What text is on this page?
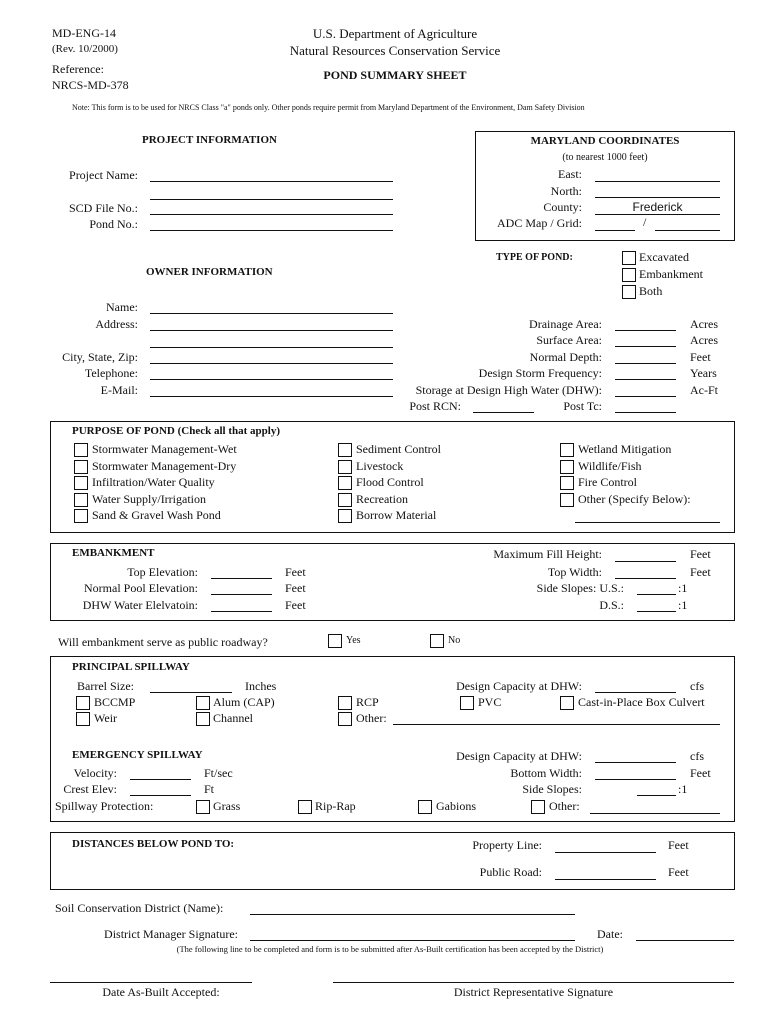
MD-ENG-14
(Rev. 10/2000)
Reference:
NRCS-MD-378
U.S. Department of Agriculture
Natural Resources Conservation Service
POND SUMMARY SHEET
Note: This form is to be used for NRCS Class "a" ponds only. Other ponds require permit from Maryland Department of the Environment, Dam Safety Division
PROJECT INFORMATION
Project Name:
SCD File No.:
Pond No.:
MARYLAND COORDINATES
(to nearest 1000 feet)
East:
North:
County:	Frederick
ADC Map / Grid:	/
TYPE OF POND:	Excavated
Embankment
Both
OWNER INFORMATION
Name:
Address:
City, State, Zip:
Telephone:
E-Mail:
Drainage Area:	Acres
Surface Area:	Acres
Normal Depth:	Feet
Design Storm Frequency:	Years
Storage at Design High Water (DHW):	Ac-Ft
Post RCN:	Post Tc:
PURPOSE OF POND (Check all that apply)
Stormwater Management-Wet
Stormwater Management-Dry
Infiltration/Water Quality
Water Supply/Irrigation
Sand & Gravel Wash Pond
Sediment Control
Livestock
Flood Control
Recreation
Borrow Material
Wetland Mitigation
Wildlife/Fish
Fire Control
Other (Specify Below):
EMBANKMENT
Top Elevation:	Feet
Normal Pool Elevation:	Feet
DHW Water Elelvatoin:	Feet
Maximum Fill Height:	Feet
Top Width:	Feet
Side Slopes: U.S.:	:1
D.S.:	:1
Will embankment serve as public roadway?	Yes	No
PRINCIPAL SPILLWAY
Barrel Size:	Inches	Design Capacity at DHW:	cfs
BCCMP	Alum (CAP)	RCP	PVC	Cast-in-Place Box Culvert
Weir	Channel	Other:
EMERGENCY SPILLWAY
Velocity:	Ft/sec
Crest Elev:	Ft
Spillway Protection:	Grass	Rip-Rap	Gabions	Other:
Design Capacity at DHW:	cfs
Bottom Width:	Feet
Side Slopes:	:1
DISTANCES BELOW POND TO:	Property Line:	Feet
Public Road:	Feet
Soil Conservation District (Name):
District Manager Signature:	Date:
(The following line to be completed and form is to be submitted after As-Built certification has been accepted by the District)
Date As-Built Accepted:	District Representative Signature
